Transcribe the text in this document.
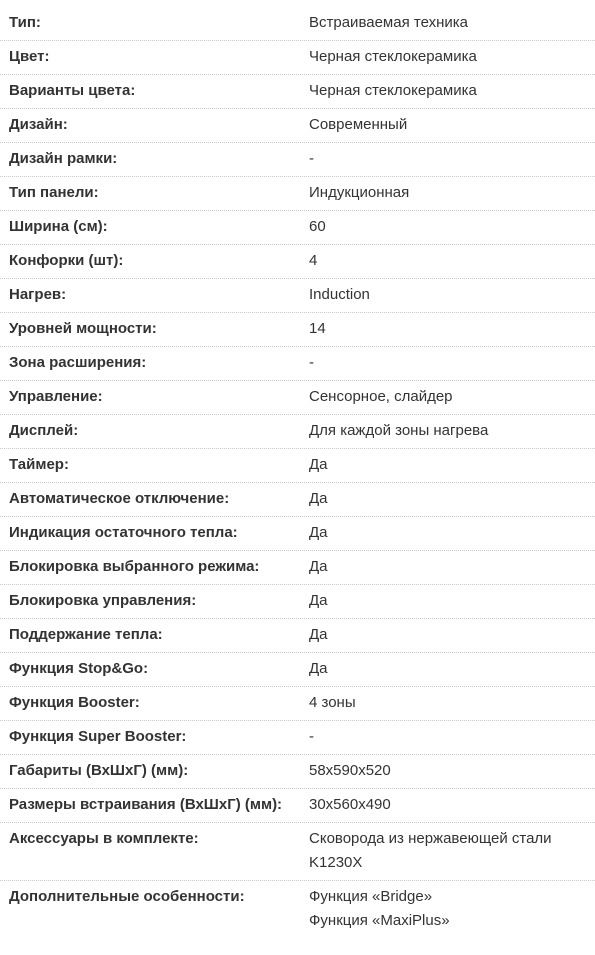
Тип:	Встраиваемая техника
Цвет:	Черная стеклокерамика
Варианты цвета:	Черная стеклокерамика
Дизайн:	Современный
Дизайн рамки:	-
Тип панели:	Индукционная
Ширина (см):	60
Конфорки (шт):	4
Нагрев:	Induction
Уровней мощности:	14
Зона расширения:	-
Управление:	Сенсорное, слайдер
Дисплей:	Для каждой зоны нагрева
Таймер:	Да
Автоматическое отключение:	Да
Индикация остаточного тепла:	Да
Блокировка выбранного режима:	Да
Блокировка управления:	Да
Поддержание тепла:	Да
Функция Stop&Go:	Да
Функция Booster:	4 зоны
Функция Super Booster:	-
Габариты (ВхШхГ) (мм):	58x590x520
Размеры встраивания (ВхШхГ) (мм):	30x560x490
Аксессуары в комплекте:	Сковорода из нержавеющей стали
K1230X
Дополнительные особенности:	Функция «Bridge»
Функция «MaxiPlus»
